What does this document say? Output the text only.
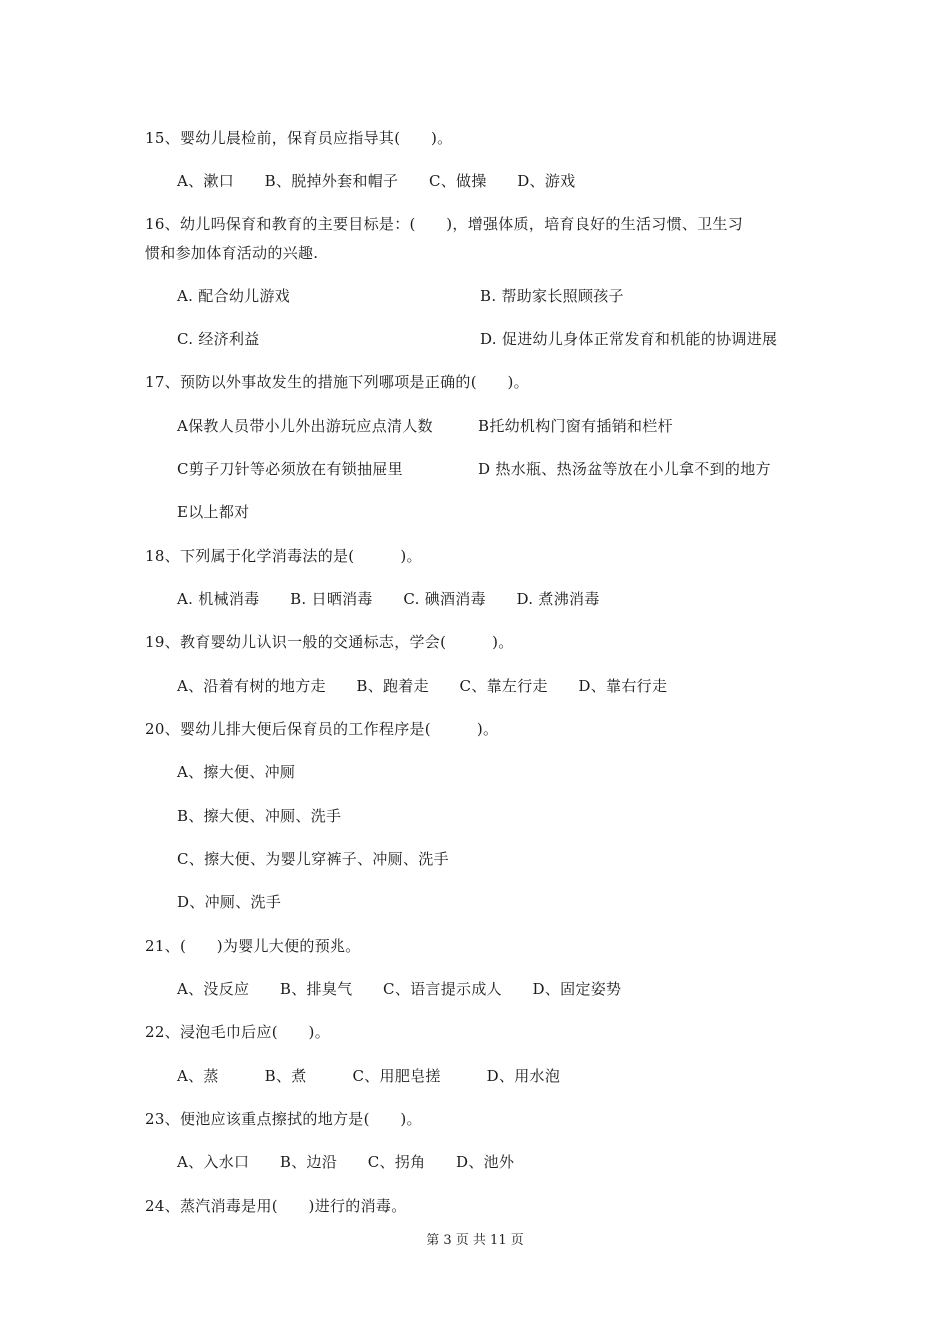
15、婴幼儿晨检前，保育员应指导其(  )。
A、漱口  B、脱掉外套和帽子  C、做操  D、游戏
16、幼儿吗保育和教育的主要目标是：(  )，增强体质，培育良好的生活习惯、卫生习
惯和参加体育活动的兴趣.
A. 配合幼儿游戏	B. 帮助家长照顾孩子
C. 经济利益	D. 促进幼儿身体正常发育和机能的协调进展
17、预防以外事故发生的措施下列哪项是正确的(  )。
A保教人员带小儿外出游玩应点清人数	B托幼机构门窗有插销和栏杆
C剪子刀针等必须放在有锁抽屉里	D 热水瓶、热汤盆等放在小儿拿不到的地方
E以上都对
18、下列属于化学消毒法的是(   )。
A. 机械消毒  B. 日晒消毒  C. 碘酒消毒  D. 煮沸消毒
19、教育婴幼儿认识一般的交通标志，学会(   )。
A、沿着有树的地方走  B、跑着走  C、靠左行走  D、靠右行走
20、婴幼儿排大便后保育员的工作程序是(   )。
A、擦大便、冲厕
B、擦大便、冲厕、洗手
C、擦大便、为婴儿穿裤子、冲厕、洗手
D、冲厕、洗手
21、(  )为婴儿大便的预兆。
A、没反应  B、排臭气  C、语言提示成人  D、固定姿势
22、浸泡毛巾后应(  )。
A、蒸   B、煮   C、用肥皂搓   D、用水泡
23、便池应该重点擦拭的地方是(  )。
A、入水口  B、边沿  C、拐角  D、池外
24、蒸汽消毒是用(  )进行的消毒。
第 3 页 共 11 页
